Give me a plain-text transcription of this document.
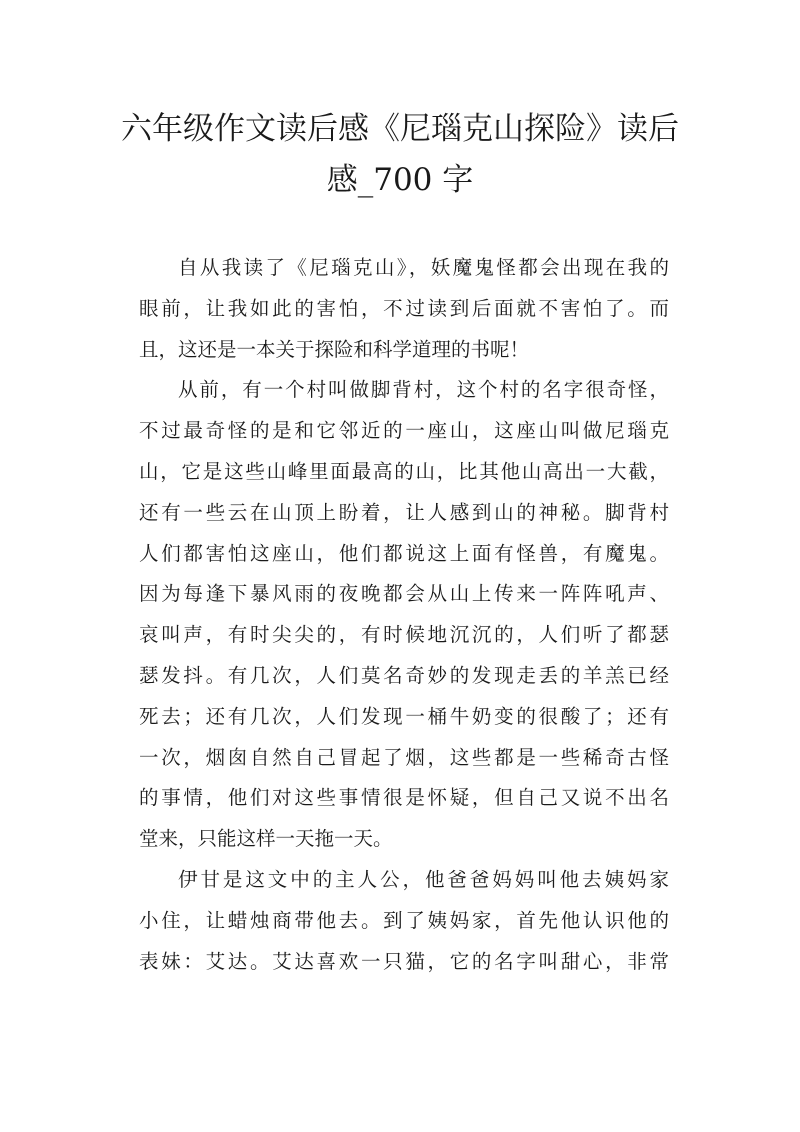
六年级作文读后感《尼瑙克山探险》读后
感_700 字

自从我读了《尼瑙克山》，妖魔鬼怪都会出现在我的
眼前，让我如此的害怕，不过读到后面就不害怕了。而
且，这还是一本关于探险和科学道理的书呢！

从前，有一个村叫做脚背村，这个村的名字很奇怪，
不过最奇怪的是和它邻近的一座山，这座山叫做尼瑙克
山，它是这些山峰里面最高的山，比其他山高出一大截，
还有一些云在山顶上盼着，让人感到山的神秘。脚背村
人们都害怕这座山，他们都说这上面有怪兽，有魔鬼。
因为每逢下暴风雨的夜晚都会从山上传来一阵阵吼声、
哀叫声，有时尖尖的，有时候地沉沉的，人们听了都瑟
瑟发抖。有几次，人们莫名奇妙的发现走丢的羊羔已经
死去；还有几次，人们发现一桶牛奶变的很酸了；还有
一次，烟囱自然自己冒起了烟，这些都是一些稀奇古怪
的事情，他们对这些事情很是怀疑，但自己又说不出名
堂来，只能这样一天拖一天。

伊甘是这文中的主人公，他爸爸妈妈叫他去姨妈家
小住，让蜡烛商带他去。到了姨妈家，首先他认识他的
表妹：艾达。艾达喜欢一只猫，它的名字叫甜心，非常
